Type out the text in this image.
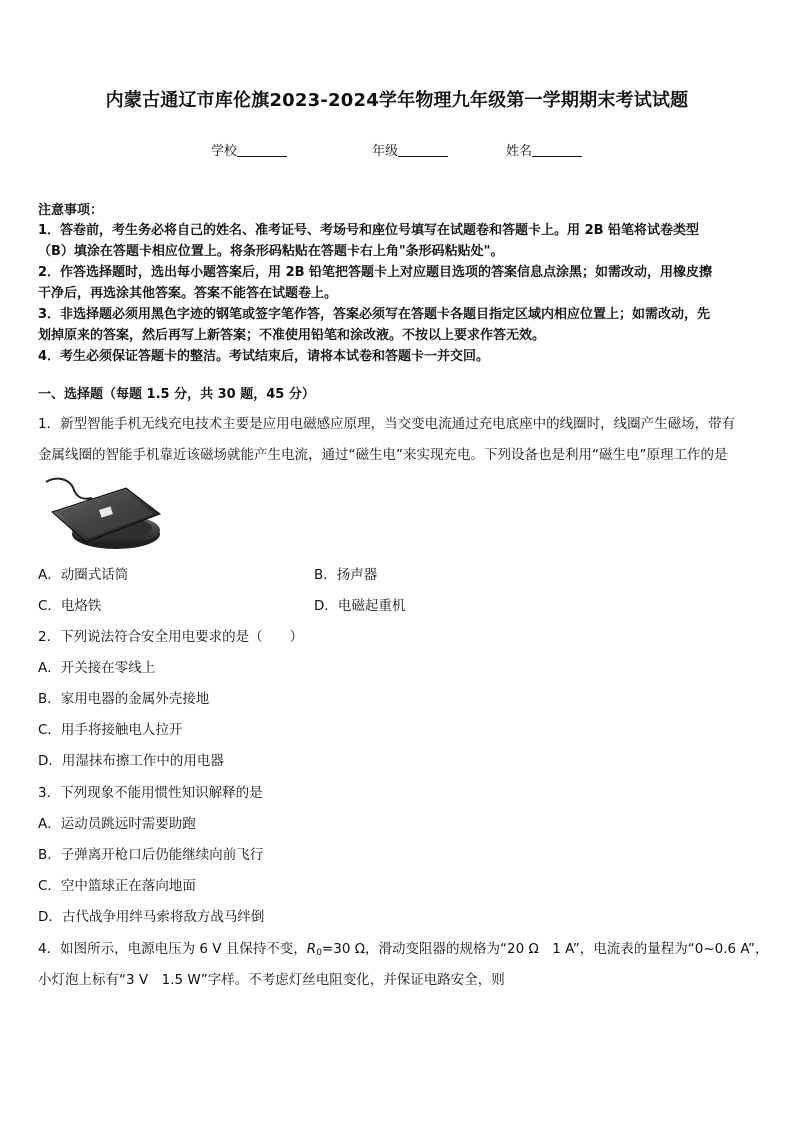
内蒙古通辽市库伦旗2023-2024学年物理九年级第一学期期末考试试题
学校	年级	姓名
注意事项：
1．答卷前，考生务必将自己的姓名、准考证号、考场号和座位号填写在试题卷和答题卡上。用 2B 铅笔将试卷类型
（B）填涂在答题卡相应位置上。将条形码粘贴在答题卡右上角"条形码粘贴处"。
2．作答选择题时，选出每小题答案后，用 2B 铅笔把答题卡上对应题目选项的答案信息点涂黑；如需改动，用橡皮擦
干净后，再选涂其他答案。答案不能答在试题卷上。
3．非选择题必须用黑色字迹的钢笔或签字笔作答，答案必须写在答题卡各题目指定区域内相应位置上；如需改动，先
划掉原来的答案，然后再写上新答案；不准使用铅笔和涂改液。不按以上要求作答无效。
4．考生必须保证答题卡的整洁。考试结束后，请将本试卷和答题卡一并交回。
一、选择题（每题 1.5 分，共 30 题，45 分）
1．新型智能手机无线充电技术主要是应用电磁感应原理，当交变电流通过充电底座中的线圈时，线圈产生磁场，带有
金属线圈的智能手机靠近该磁场就能产生电流，通过“磁生电”来实现充电。下列设备也是利用“磁生电”原理工作的是
A．动圈式话筒	B．扬声器
C．电烙铁	D．电磁起重机
2．下列说法符合安全用电要求的是（　　）
A．开关接在零线上
B．家用电器的金属外壳接地
C．用手将接触电人拉开
D．用湿抹布擦工作中的用电器
3．下列现象不能用惯性知识解释的是
A．运动员跳远时需要助跑
B．子弹离开枪口后仍能继续向前飞行
C．空中篮球正在落向地面
D．古代战争用绊马索将敌方战马绊倒
4．如图所示，电源电压为 6 V 且保持不变，$R_0=30$ Ω，滑动变阻器的规格为“20 Ω　1 A”，电流表的量程为“0~0.6 A”，
小灯泡上标有“3 V　1.5 W”字样。不考虑灯丝电阻变化，并保证电路安全，则
